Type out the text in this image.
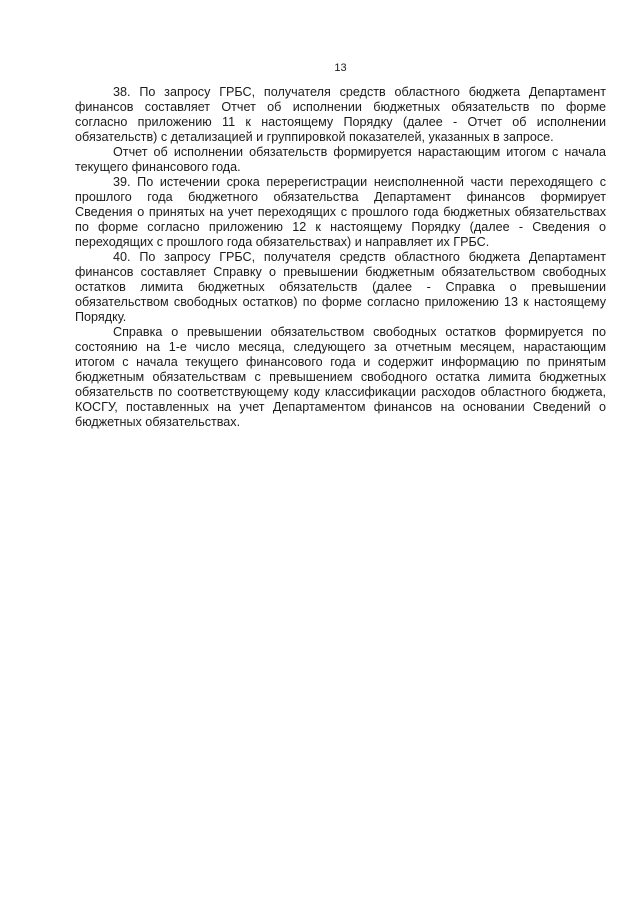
13
38. По запросу ГРБС, получателя средств областного бюджета Департамент
финансов составляет Отчет об исполнении бюджетных обязательств по форме
согласно приложению 11 к настоящему Порядку (далее - Отчет об исполнении
обязательств) с детализацией и группировкой показателей, указанных в запросе.
Отчет об исполнении обязательств формируется нарастающим итогом с начала
текущего финансового года.
39. По истечении срока перерегистрации неисполненной части переходящего с
прошлого года бюджетного обязательства Департамент финансов формирует
Сведения о принятых на учет переходящих с прошлого года бюджетных обязательствах
по форме согласно приложению 12 к настоящему Порядку (далее - Сведения о
переходящих с прошлого года обязательствах) и направляет их ГРБС.
40. По запросу ГРБС, получателя средств областного бюджета Департамент
финансов составляет Справку о превышении бюджетным обязательством свободных
остатков лимита бюджетных обязательств (далее - Справка о превышении
обязательством свободных остатков) по форме согласно приложению 13 к настоящему
Порядку.
Справка о превышении обязательством свободных остатков формируется по
состоянию на 1-е число месяца, следующего за отчетным месяцем, нарастающим
итогом с начала текущего финансового года и содержит информацию по принятым
бюджетным обязательствам с превышением свободного остатка лимита бюджетных
обязательств по соответствующему коду классификации расходов областного бюджета,
КОСГУ, поставленных на учет Департаментом финансов на основании Сведений о
бюджетных обязательствах.
